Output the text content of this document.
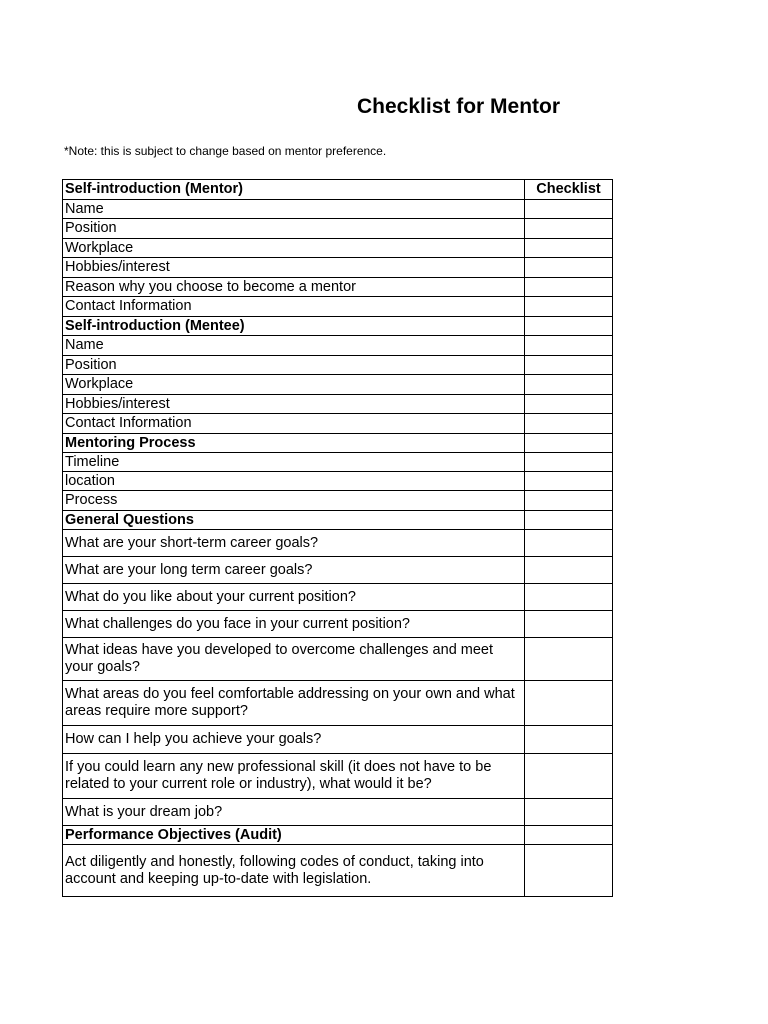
Checklist for Mentor
*Note: this is subject to change based on mentor preference.
Self-introduction (Mentor)	Checklist
Name	
Position	
Workplace	
Hobbies/interest	
Reason why you choose to become a mentor	
Contact Information	
Self-introduction (Mentee)	
Name	
Position	
Workplace	
Hobbies/interest	
Contact Information	
Mentoring Process	
Timeline	
location	
Process	
General Questions	
What are your short-term career goals?	
What are your long term career goals?	
What do you like about your current position?	
What challenges do you face in your current position?	
What ideas have you developed to overcome challenges and meet your goals?	
What areas do you feel comfortable addressing on your own and what areas require more support?	
How can I help you achieve your goals?	
If you could learn any new professional skill (it does not have to be related to your current role or industry), what would it be?	
What is your dream job?	
Performance Objectives (Audit)	
Act diligently and honestly, following codes of conduct, taking into account and keeping up-to-date with legislation.	
